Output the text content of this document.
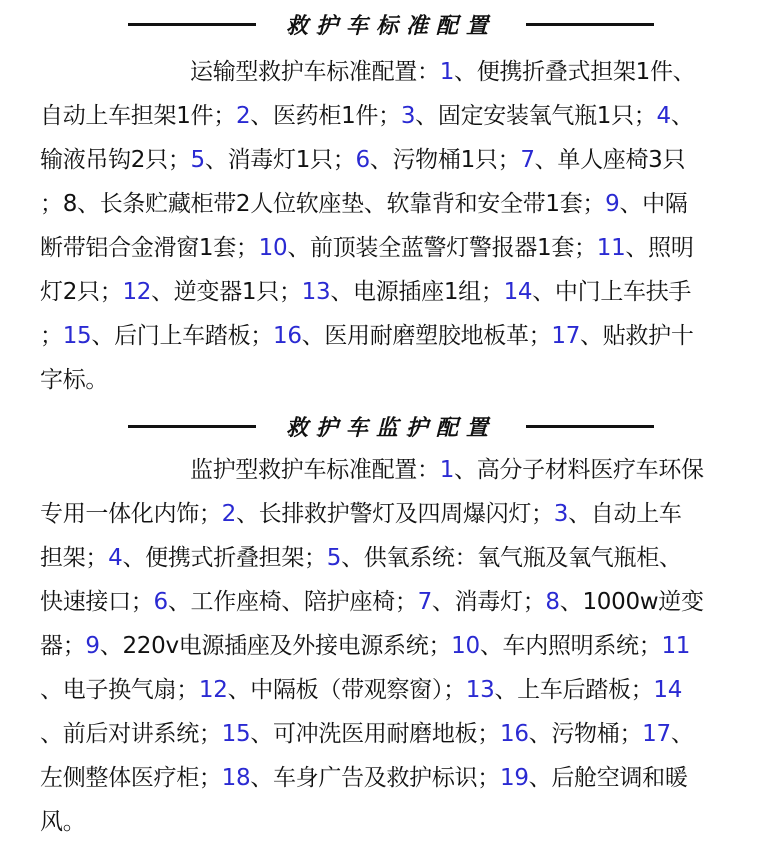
救护车标准配置
运输型救护车标准配置：1、便携折叠式担架1件、
自动上车担架1件；2、医药柜1件；3、固定安装氧气瓶1只；4、
输液吊钩2只；5、消毒灯1只；6、污物桶1只；7、单人座椅3只
；8、长条贮藏柜带2人位软座垫、软靠背和安全带1套；9、中隔
断带铝合金滑窗1套；10、前顶装全蓝警灯警报器1套；11、照明
灯2只；12、逆变器1只；13、电源插座1组；14、中门上车扶手
；15、后门上车踏板；16、医用耐磨塑胶地板革；17、贴救护十
字标。
救护车监护配置
监护型救护车标准配置：1、高分子材料医疗车环保
专用一体化内饰；2、长排救护警灯及四周爆闪灯；3、自动上车
担架；4、便携式折叠担架；5、供氧系统：氧气瓶及氧气瓶柜、
快速接口；6、工作座椅、陪护座椅；7、消毒灯；8、1000w逆变
器；9、220v电源插座及外接电源系统；10、车内照明系统；11
、电子换气扇；12、中隔板（带观察窗）；13、上车后踏板；14
、前后对讲系统；15、可冲洗医用耐磨地板；16、污物桶；17、
左侧整体医疗柜；18、车身广告及救护标识；19、后舱空调和暖
风。
